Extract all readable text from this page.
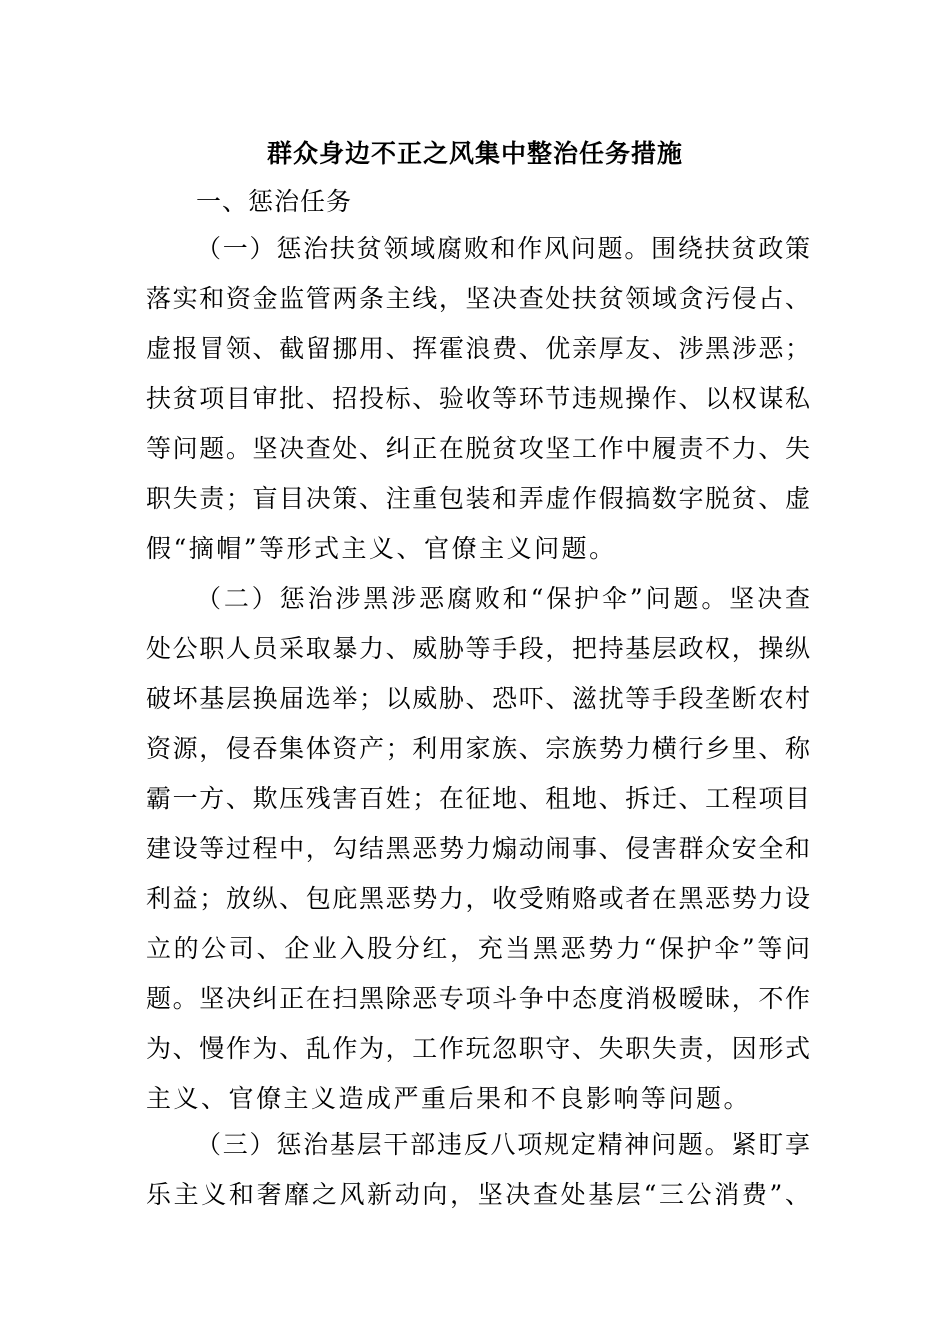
群众身边不正之风集中整治任务措施
一、惩治任务
（一）惩治扶贫领域腐败和作风问题。围绕扶贫政策
落实和资金监管两条主线，坚决查处扶贫领域贪污侵占、
虚报冒领、截留挪用、挥霍浪费、优亲厚友、涉黑涉恶；
扶贫项目审批、招投标、验收等环节违规操作、以权谋私
等问题。坚决查处、纠正在脱贫攻坚工作中履责不力、失
职失责；盲目决策、注重包装和弄虚作假搞数字脱贫、虚
假“摘帽”等形式主义、官僚主义问题。
（二）惩治涉黑涉恶腐败和“保护伞”问题。坚决查
处公职人员采取暴力、威胁等手段，把持基层政权，操纵
破坏基层换届选举；以威胁、恐吓、滋扰等手段垄断农村
资源，侵吞集体资产；利用家族、宗族势力横行乡里、称
霸一方、欺压残害百姓；在征地、租地、拆迁、工程项目
建设等过程中，勾结黑恶势力煽动闹事、侵害群众安全和
利益；放纵、包庇黑恶势力，收受贿赂或者在黑恶势力设
立的公司、企业入股分红，充当黑恶势力“保护伞”等问
题。坚决纠正在扫黑除恶专项斗争中态度消极暧昧，不作
为、慢作为、乱作为，工作玩忽职守、失职失责，因形式
主义、官僚主义造成严重后果和不良影响等问题。
（三）惩治基层干部违反八项规定精神问题。紧盯享
乐主义和奢靡之风新动向，坚决查处基层“三公消费”、
